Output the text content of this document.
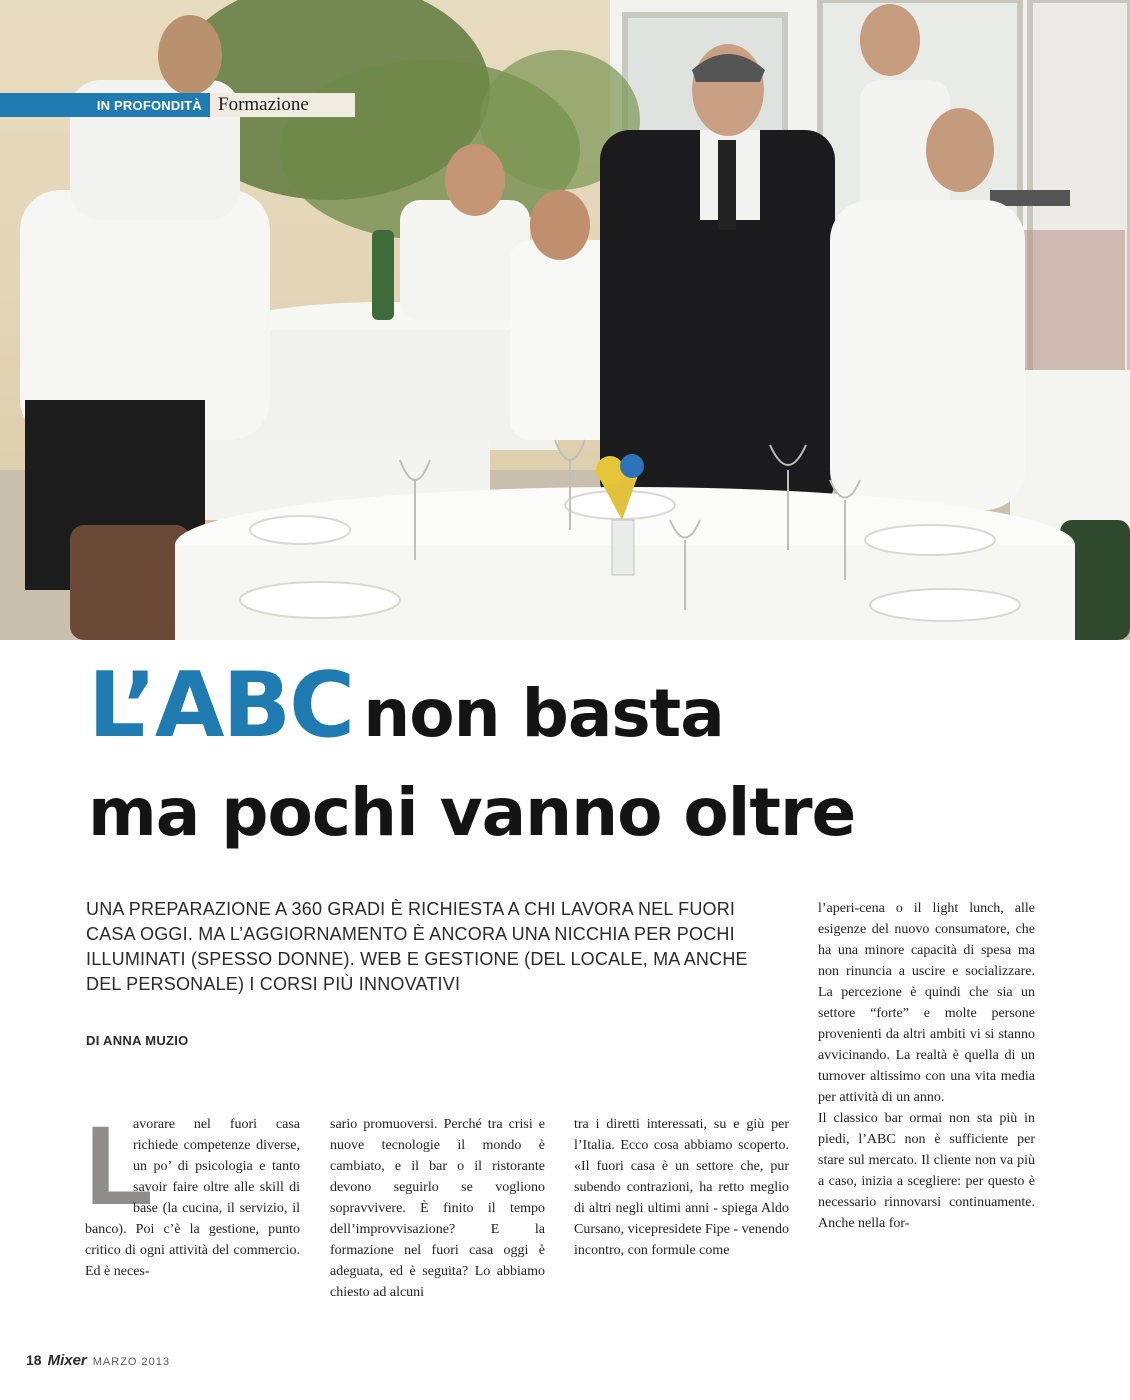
IN PROFONDITÀ Formazione
L’ABC non basta
ma pochi vanno oltre

UNA PREPARAZIONE A 360 GRADI È RICHIESTA A CHI LAVORA NEL FUORI CASA OGGI. MA L’AGGIORNAMENTO È ANCORA UNA NICCHIA PER POCHI ILLUMINATI (SPESSO DONNE). WEB E GESTIONE (DEL LOCALE, MA ANCHE DEL PERSONALE) I CORSI PIÙ INNOVATIVI

DI ANNA MUZIO

L

avorare nel fuori casa richiede competenze diverse, un po’ di psicologia e tanto savoir faire oltre alle skill di base (la cucina, il servizio, il banco). Poi c’è la gestione, punto critico di ogni attività del commercio. Ed è neces-

sario promuoversi. Perché tra crisi e nuove tecnologie il mondo è cambiato, e il bar o il ristorante devono seguirlo se vogliono sopravvivere. È finito il tempo dell’improvvisazione? E la formazione nel fuori casa oggi è adeguata, ed è seguita? Lo abbiamo chiesto ad alcuni

tra i diretti interessati, su e giù per l’Italia. Ecco cosa abbiamo scoperto. «Il fuori casa è un settore che, pur subendo contrazioni, ha retto meglio di altri negli ultimi anni - spiega Aldo Cursano, vicepresidete Fipe - venendo incontro, con formule come

l’aperi-cena o il light lunch, alle esigenze del nuovo consumatore, che ha una minore capacità di spesa ma non rinuncia a uscire e socializzare. La percezione è quindi che sia un settore “forte” e molte persone provenienti da altri ambiti vi si stanno avvicinando. La realtà è quella di un turnover altissimo con una vita media per attività di un anno.

Il classico bar ormai non sta più in piedi, l’ABC non è sufficiente per stare sul mercato. Il cliente non va più a caso, inizia a scegliere: per questo è necessario rinnovarsi continuamente. Anche nella for-

18 Mixer MARZO 2013
